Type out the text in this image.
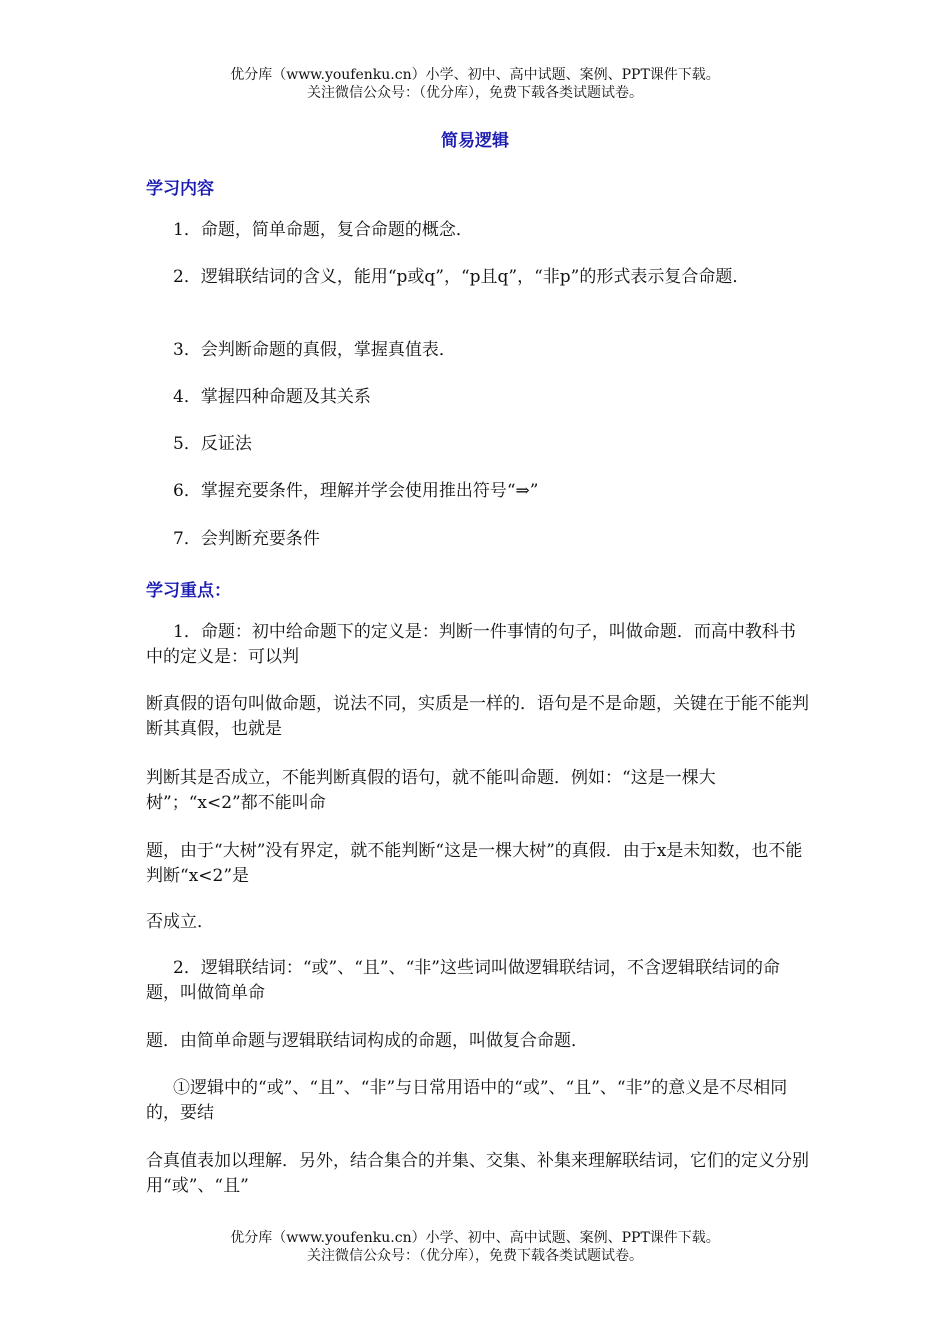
优分库（www.youfenku.cn）小学、初中、高中试题、案例、PPT课件下载。
关注微信公众号：（优分库），免费下载各类试题试卷。
简易逻辑
学习内容
1．命题，简单命题，复合命题的概念．
2．逻辑联结词的含义，能用“p或q”，“p且q”，“非p”的形式表示复合命题．
3．会判断命题的真假，掌握真值表．
4．掌握四种命题及其关系
5．反证法
6．掌握充要条件，理解并学会使用推出符号“⇒”
7．会判断充要条件
学习重点：
1．命题：初中给命题下的定义是：判断一件事情的句子，叫做命题．而高中教科书中的定义是：可以判
断真假的语句叫做命题，说法不同，实质是一样的．语句是不是命题，关键在于能不能判断其真假，也就是
判断其是否成立，不能判断真假的语句，就不能叫命题．例如：“这是一棵大树”；“x<2”都不能叫命
题，由于“大树”没有界定，就不能判断“这是一棵大树”的真假．由于x是未知数，也不能判断“x<2”是
否成立．
2．逻辑联结词：“或”、“且”、“非”这些词叫做逻辑联结词，不含逻辑联结词的命题，叫做简单命
题．由简单命题与逻辑联结词构成的命题，叫做复合命题．
①逻辑中的“或”、“且”、“非”与日常用语中的“或”、“且”、“非”的意义是不尽相同的，要结
合真值表加以理解．另外，结合集合的并集、交集、补集来理解联结词，它们的定义分别用“或”、“且”
优分库（www.youfenku.cn）小学、初中、高中试题、案例、PPT课件下载。
关注微信公众号：（优分库），免费下载各类试题试卷。
